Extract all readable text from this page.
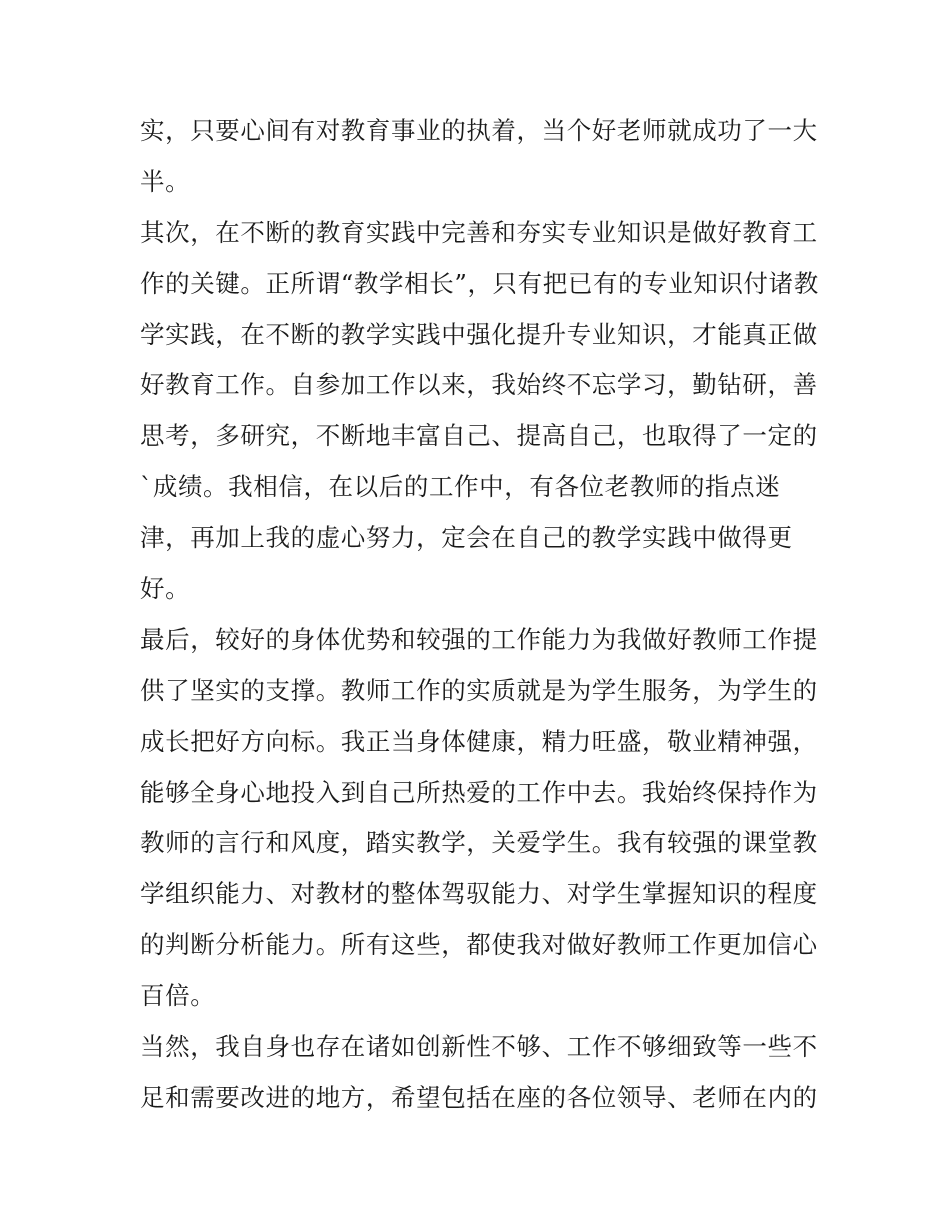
实，只要心间有对教育事业的执着，当个好老师就成功了一大
半。
其次，在不断的教育实践中完善和夯实专业知识是做好教育工
作的关键。正所谓“教学相长”，只有把已有的专业知识付诸教
学实践，在不断的教学实践中强化提升专业知识，才能真正做
好教育工作。自参加工作以来，我始终不忘学习，勤钻研，善
思考，多研究，不断地丰富自己、提高自己，也取得了一定的
`成绩。我相信，在以后的工作中，有各位老教师的指点迷
津，再加上我的虚心努力，定会在自己的教学实践中做得更
好。
最后，较好的身体优势和较强的工作能力为我做好教师工作提
供了坚实的支撑。教师工作的实质就是为学生服务，为学生的
成长把好方向标。我正当身体健康，精力旺盛，敬业精神强，
能够全身心地投入到自己所热爱的工作中去。我始终保持作为
教师的言行和风度，踏实教学，关爱学生。我有较强的课堂教
学组织能力、对教材的整体驾驭能力、对学生掌握知识的程度
的判断分析能力。所有这些，都使我对做好教师工作更加信心
百倍。
当然，我自身也存在诸如创新性不够、工作不够细致等一些不
足和需要改进的地方，希望包括在座的各位领导、老师在内的
